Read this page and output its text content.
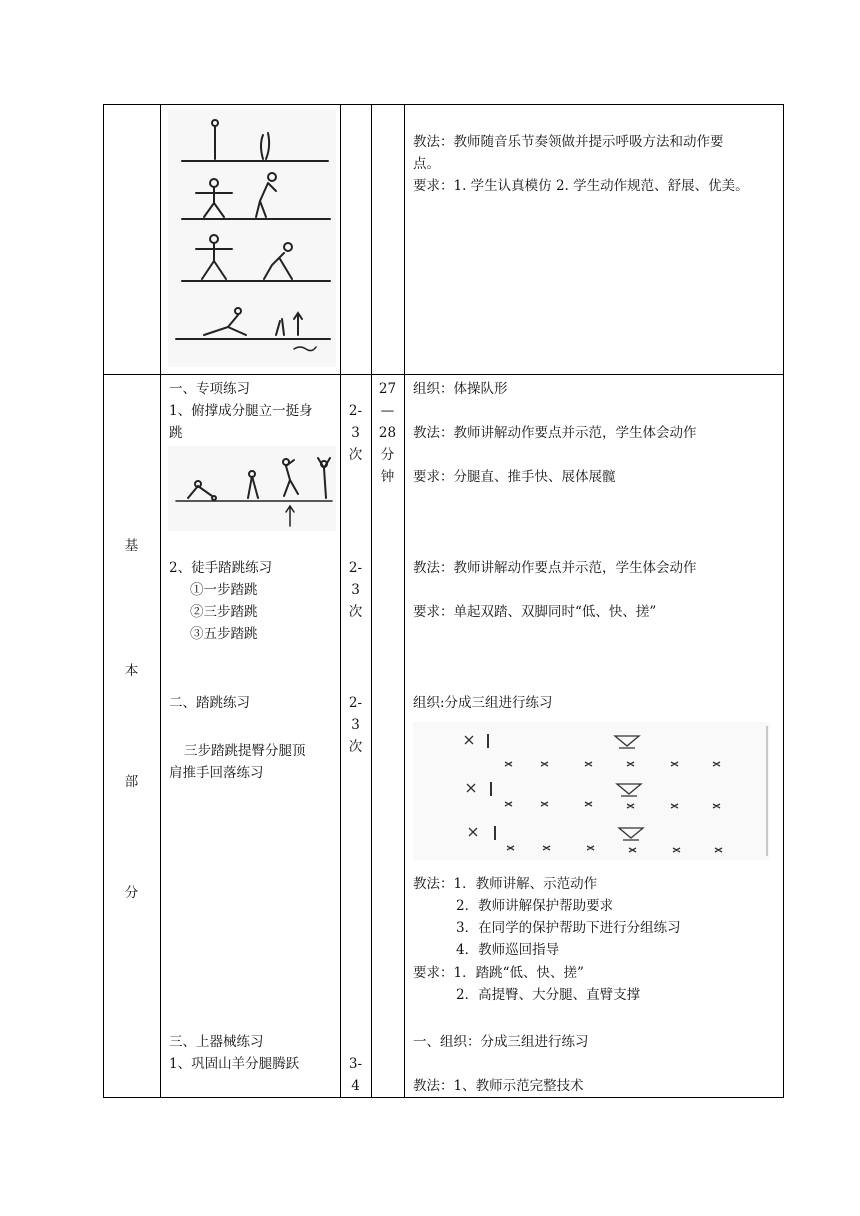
教法：教师随音乐节奏领做并提示呼吸方法和动作要
点。
要求：1. 学生认真模仿 2. 学生动作规范、舒展、优美。
基
本
部
分
一、专项练习
1、俯撑成分腿立一挺身
跳
2、徒手踏跳练习
①一步踏跳
②三步踏跳
③五步踏跳
二、踏跳练习
三步踏跳提臀分腿顶
肩推手回落练习
三、上器械练习
1、巩固山羊分腿腾跃
2-
3
次
2-
3
次
2-
3
次
3-
4
27
—
28
分
钟
组织：体操队形
教法：教师讲解动作要点并示范，学生体会动作
要求：分腿直、推手快、展体展髋
教法：教师讲解动作要点并示范，学生体会动作
要求：单起双踏、双脚同时“低、快、搓”
组织:分成三组进行练习
教法：1．教师讲解、示范动作
2．教师讲解保护帮助要求
3．在同学的保护帮助下进行分组练习
4．教师巡回指导
要求：1．踏跳“低、快、搓”
2．高提臀、大分腿、直臂支撑
一、组织：分成三组进行练习
教法：1、教师示范完整技术
